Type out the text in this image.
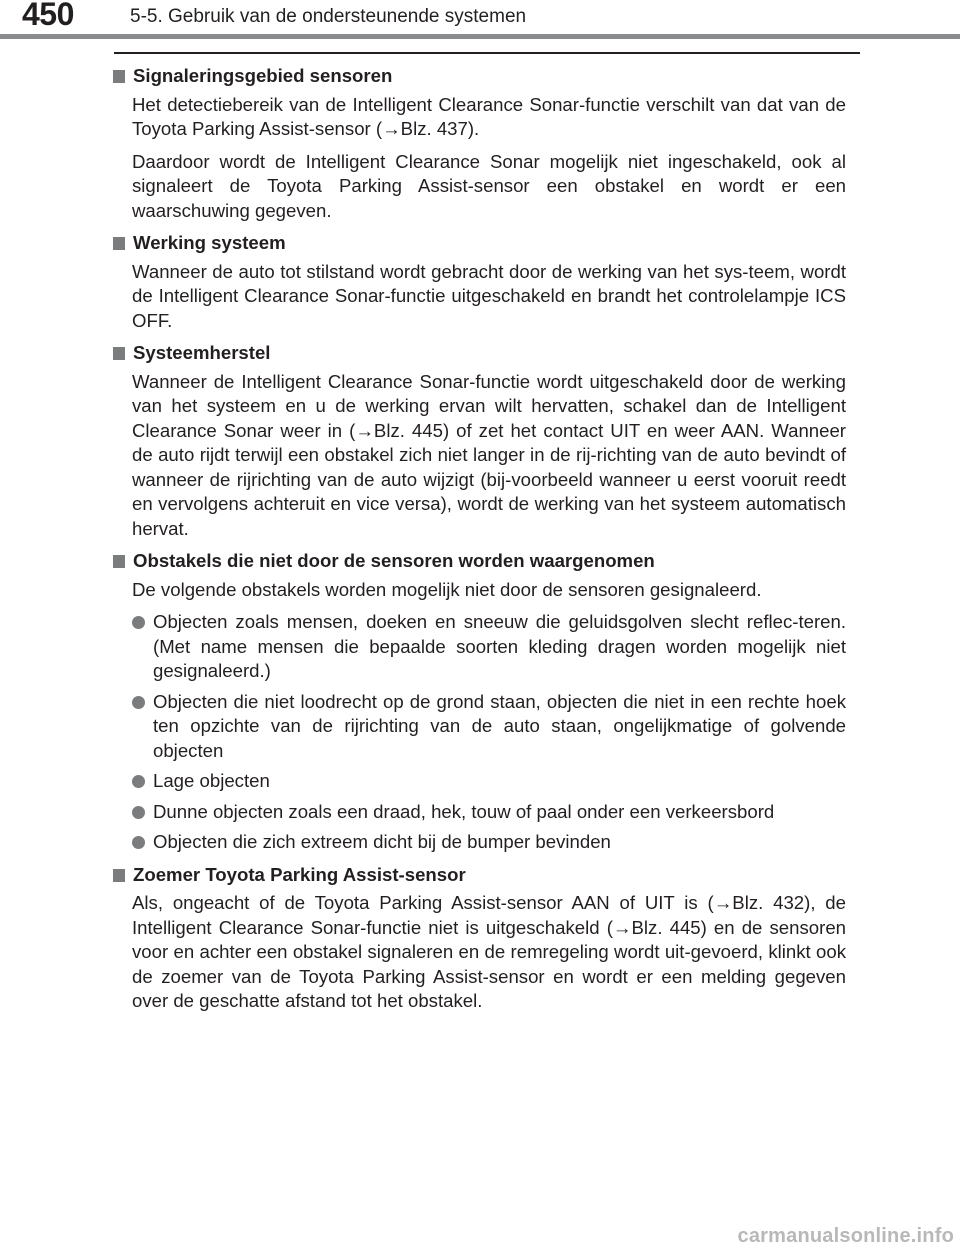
450	5-5. Gebruik van de ondersteunende systemen
Signaleringsgebied sensoren

Het detectiebereik van de Intelligent Clearance Sonar-functie verschilt van dat van de Toyota Parking Assist-sensor (→Blz. 437).

Daardoor wordt de Intelligent Clearance Sonar mogelijk niet ingeschakeld, ook al signaleert de Toyota Parking Assist-sensor een obstakel en wordt er een waarschuwing gegeven.

Werking systeem

Wanneer de auto tot stilstand wordt gebracht door de werking van het sys-teem, wordt de Intelligent Clearance Sonar-functie uitgeschakeld en brandt het controlelampje ICS OFF.

Systeemherstel

Wanneer de Intelligent Clearance Sonar-functie wordt uitgeschakeld door de werking van het systeem en u de werking ervan wilt hervatten, schakel dan de Intelligent Clearance Sonar weer in (→Blz. 445) of zet het contact UIT en weer AAN. Wanneer de auto rijdt terwijl een obstakel zich niet langer in de rij-richting van de auto bevindt of wanneer de rijrichting van de auto wijzigt (bij-voorbeeld wanneer u eerst vooruit reedt en vervolgens achteruit en vice versa), wordt de werking van het systeem automatisch hervat.

Obstakels die niet door de sensoren worden waargenomen

De volgende obstakels worden mogelijk niet door de sensoren gesignaleerd.

Objecten zoals mensen, doeken en sneeuw die geluidsgolven slecht reflec-teren. (Met name mensen die bepaalde soorten kleding dragen worden mogelijk niet gesignaleerd.)
Objecten die niet loodrecht op de grond staan, objecten die niet in een rechte hoek ten opzichte van de rijrichting van de auto staan, ongelijkmatige of golvende objecten
Lage objecten
Dunne objecten zoals een draad, hek, touw of paal onder een verkeersbord
Objecten die zich extreem dicht bij de bumper bevinden
Zoemer Toyota Parking Assist-sensor

Als, ongeacht of de Toyota Parking Assist-sensor AAN of UIT is (→Blz. 432), de Intelligent Clearance Sonar-functie niet is uitgeschakeld (→Blz. 445) en de sensoren voor en achter een obstakel signaleren en de remregeling wordt uit-gevoerd, klinkt ook de zoemer van de Toyota Parking Assist-sensor en wordt er een melding gegeven over de geschatte afstand tot het obstakel.

carmanualsonline.info
